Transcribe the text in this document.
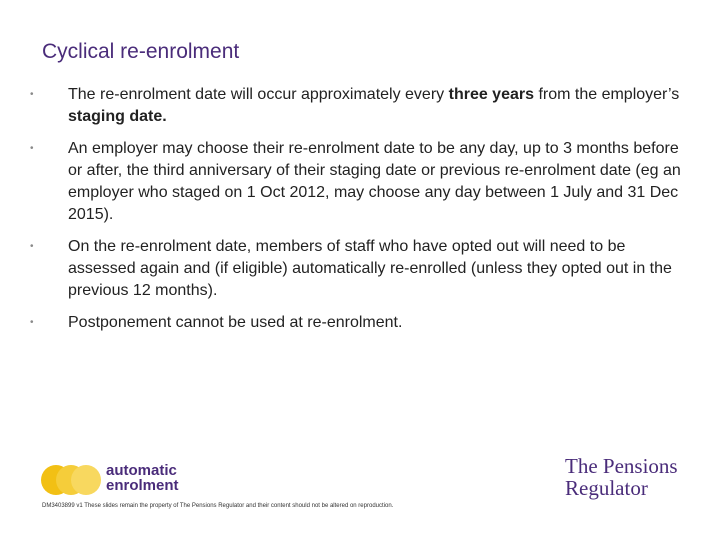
Cyclical re-enrolment
•	The re-enrolment date will occur approximately every three years from the employer’s staging date.
•	An employer may choose their re-enrolment date to be any day, up to 3 months before or after, the third anniversary of their staging date or previous re-enrolment date (eg an employer who staged on 1 Oct 2012, may choose any day between 1 July and 31 Dec 2015).
•	On the re-enrolment date, members of staff who have opted out will need to be assessed again and (if eligible) automatically re-enrolled (unless they opted out in the previous 12 months).
•	Postponement cannot be used at re-enrolment.
automatic
enrolment
The Pensions
Regulator
DM3403899 v1 These slides remain the property of The Pensions Regulator and their content should not be altered on reproduction.
